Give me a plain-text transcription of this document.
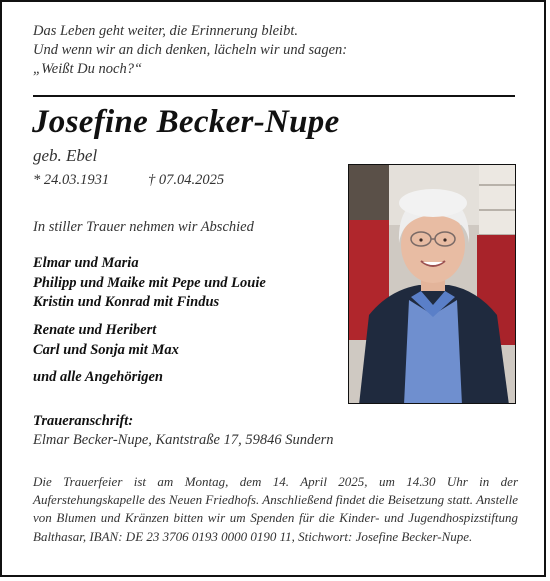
Das Leben geht weiter, die Erinnerung bleibt.
Und wenn wir an dich denken, lächeln wir und sagen:
„Weißt Du noch?“
Josefine Becker-Nupe
geb. Ebel
* 24.03.1931	† 07.04.2025
In stiller Trauer nehmen wir Abschied
Elmar und Maria
Philipp und Maike mit Pepe und Louie
Kristin und Konrad mit Findus
Renate und Heribert
Carl und Sonja mit Max
und alle Angehörigen
Traueranschrift:
Elmar Becker-Nupe, Kantstraße 17, 59846 Sundern
Die Trauerfeier ist am Montag, dem 14. April 2025, um 14.30 Uhr in der Auferstehungskapelle des Neuen Friedhofs. Anschließend findet die Beisetzung statt. Anstelle von Blumen und Kränzen bitten wir um Spenden für die Kinder- und Jugendhospizstiftung Balthasar, IBAN: DE 23 3706 0193 0000 0190 11, Stichwort: Josefine Becker-Nupe.
